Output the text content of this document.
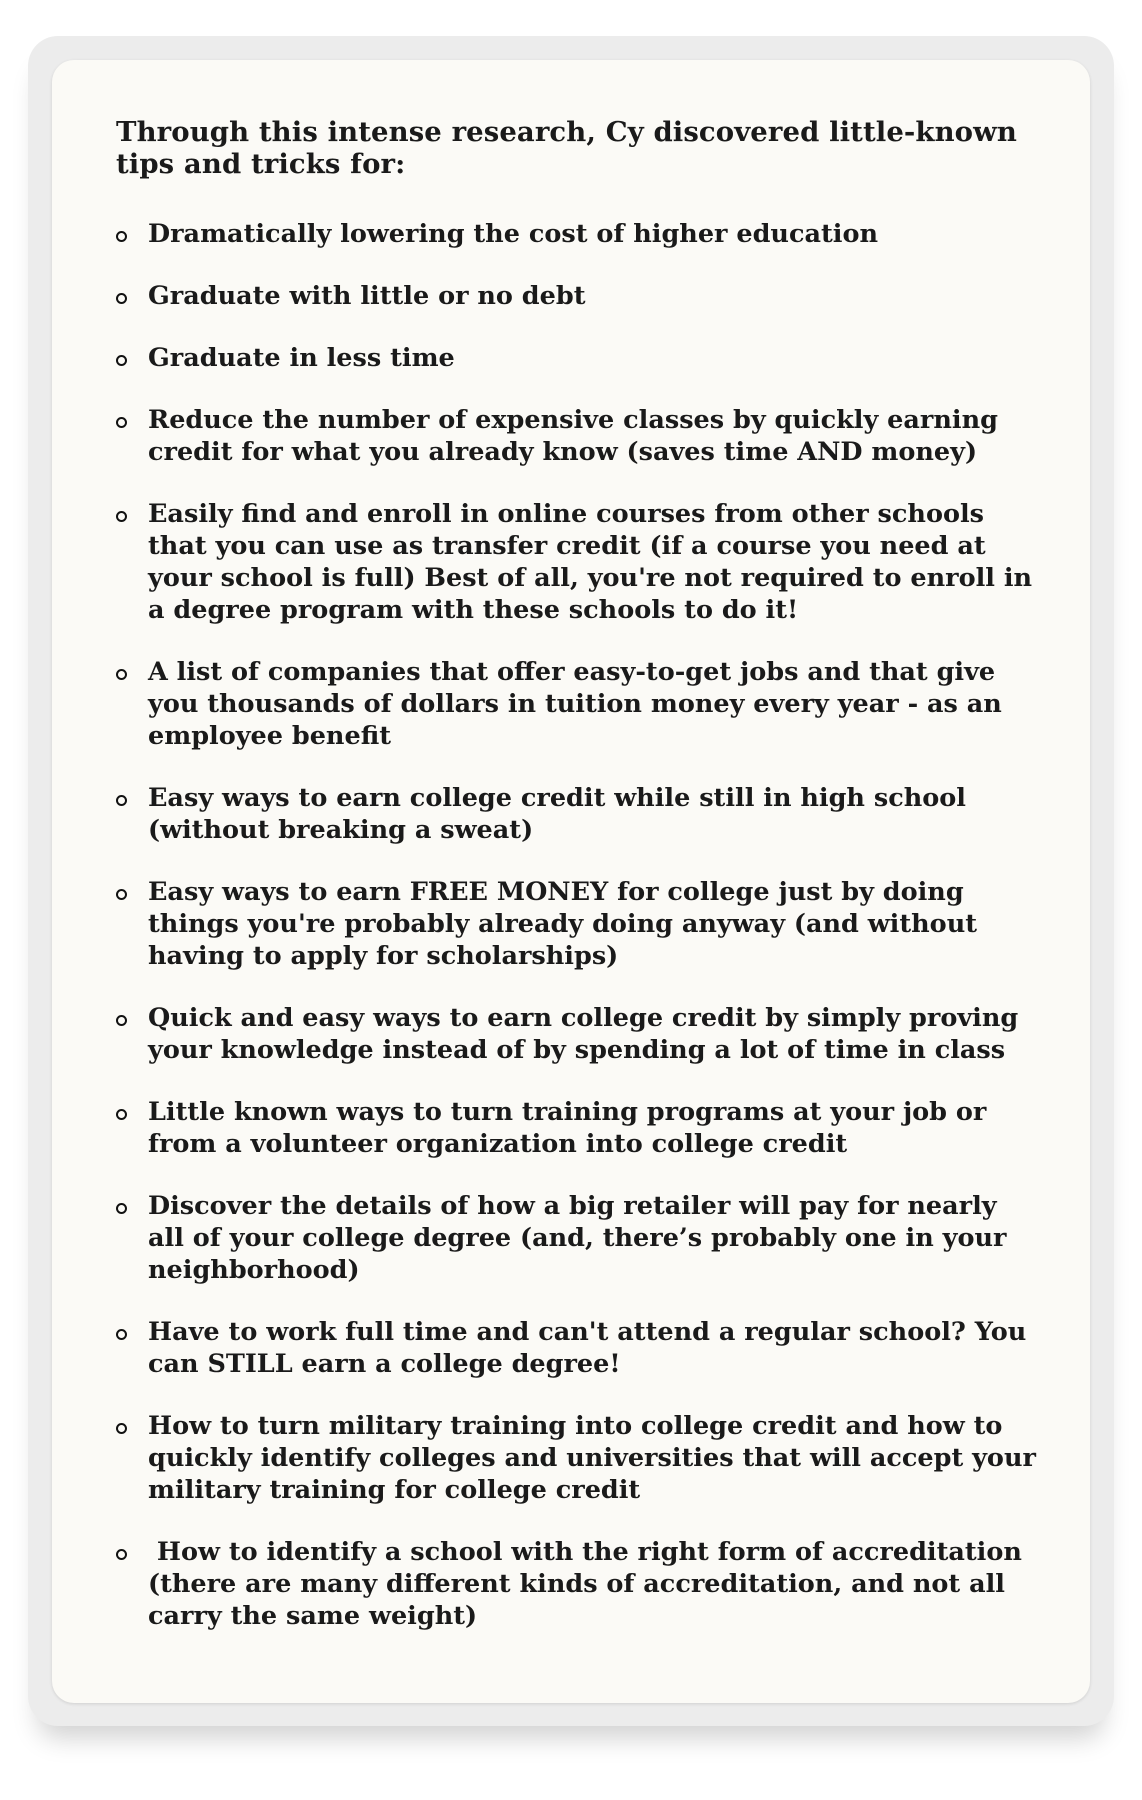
Through this intense research, Cy discovered little-known tips and tricks for:

Dramatically lowering the cost of higher education
Graduate with little or no debt
Graduate in less time
Reduce the number of expensive classes by quickly earning credit for what you already know (saves time AND money)
Easily find and enroll in online courses from other schools that you can use as transfer credit (if a course you need at your school is full) Best of all, you're not required to enroll in a degree program with these schools to do it!
A list of companies that offer easy-to-get jobs and that give you thousands of dollars in tuition money every year - as an employee benefit
Easy ways to earn college credit while still in high school (without breaking a sweat)
Easy ways to earn FREE MONEY for college just by doing things you're probably already doing anyway (and without having to apply for scholarships)
Quick and easy ways to earn college credit by simply proving your knowledge instead of by spending a lot of time in class
Little known ways to turn training programs at your job or from a volunteer organization into college credit
Discover the details of how a big retailer will pay for nearly all of your college degree (and, there’s probably one in your neighborhood)
Have to work full time and can't attend a regular school? You can STILL earn a college degree!
How to turn military training into college credit and how to quickly identify colleges and universities that will accept your military training for college credit
How to identify a school with the right form of accreditation (there are many different kinds of accreditation, and not all carry the same weight)
